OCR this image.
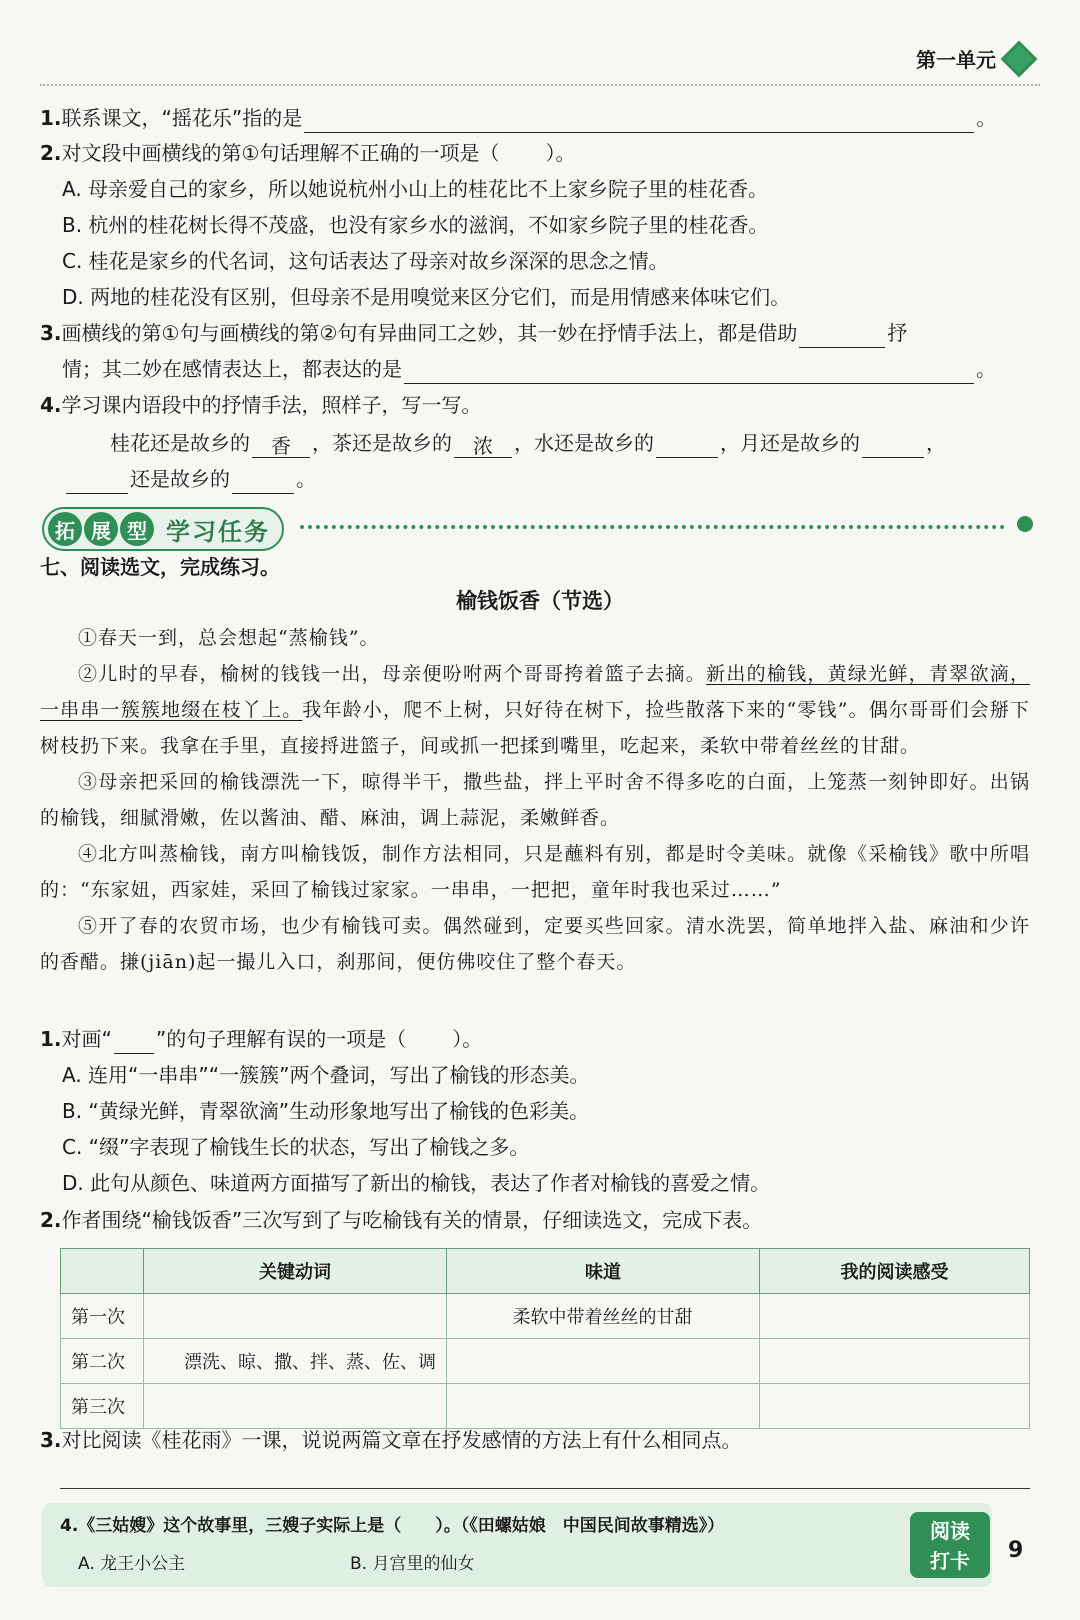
第一单元
1.联系课文，“摇花乐”指的是	。
2.对文段中画横线的第①句话理解不正确的一项是（ ）。
A. 母亲爱自己的家乡，所以她说杭州小山上的桂花比不上家乡院子里的桂花香。
B. 杭州的桂花树长得不茂盛，也没有家乡水的滋润，不如家乡院子里的桂花香。
C. 桂花是家乡的代名词，这句话表达了母亲对故乡深深的思念之情。
D. 两地的桂花没有区别，但母亲不是用嗅觉来区分它们，而是用情感来体味它们。
3.画横线的第①句与画横线的第②句有异曲同工之妙，其一妙在抒情手法上，都是借助	抒
情；其二妙在感情表达上，都表达的是	。
4.学习课内语段中的抒情手法，照样子，写一写。
桂花还是故乡的 香 ，茶还是故乡的 浓 ，水还是故乡的	，月还是故乡的	，
还是故乡的	。
拓 展 型 学习任务
七、阅读选文，完成练习。
榆钱饭香（节选）

①春天一到，总会想起“蒸榆钱”。

②儿时的早春，榆树的钱钱一出，母亲便吩咐两个哥哥挎着篮子去摘。新出的榆钱，黄绿光鲜，青翠欲滴，一串串一簇簇地缀在枝丫上。我年龄小，爬不上树，只好待在树下，捡些散落下来的“零钱”。偶尔哥哥们会掰下树枝扔下来。我拿在手里，直接捋进篮子，间或抓一把揉到嘴里，吃起来，柔软中带着丝丝的甘甜。

③母亲把采回的榆钱漂洗一下，晾得半干，撒些盐，拌上平时舍不得多吃的白面，上笼蒸一刻钟即好。出锅的榆钱，细腻滑嫩，佐以酱油、醋、麻油，调上蒜泥，柔嫩鲜香。

④北方叫蒸榆钱，南方叫榆钱饭，制作方法相同，只是蘸料有别，都是时令美味。就像《采榆钱》歌中所唱的：“东家妞，西家娃，采回了榆钱过家家。一串串，一把把，童年时我也采过……”

⑤开了春的农贸市场，也少有榆钱可卖。偶然碰到，定要买些回家。清水洗罢，简单地拌入盐、麻油和少许的香醋。搛(jiān)起一撮儿入口，刹那间，便仿佛咬住了整个春天。

1.对画“ ”的句子理解有误的一项是（ ）。
A. 连用“一串串”“一簇簇”两个叠词，写出了榆钱的形态美。
B. “黄绿光鲜，青翠欲滴”生动形象地写出了榆钱的色彩美。
C. “缀”字表现了榆钱生长的状态，写出了榆钱之多。
D. 此句从颜色、味道两方面描写了新出的榆钱，表达了作者对榆钱的喜爱之情。
2.作者围绕“榆钱饭香”三次写到了与吃榆钱有关的情景，仔细读选文，完成下表。
	关键动词	味道	我的阅读感受
第一次		柔软中带着丝丝的甘甜	
第二次	漂洗、晾、撒、拌、蒸、佐、调		
第三次			
3.对比阅读《桂花雨》一课，说说两篇文章在抒发感情的方法上有什么相同点。
4.《三姑嫂》这个故事里，三嫂子实际上是（　　）。（《田螺姑娘　中国民间故事精选》）
A. 龙王小公主	B. 月宫里的仙女
阅读
打卡	9
